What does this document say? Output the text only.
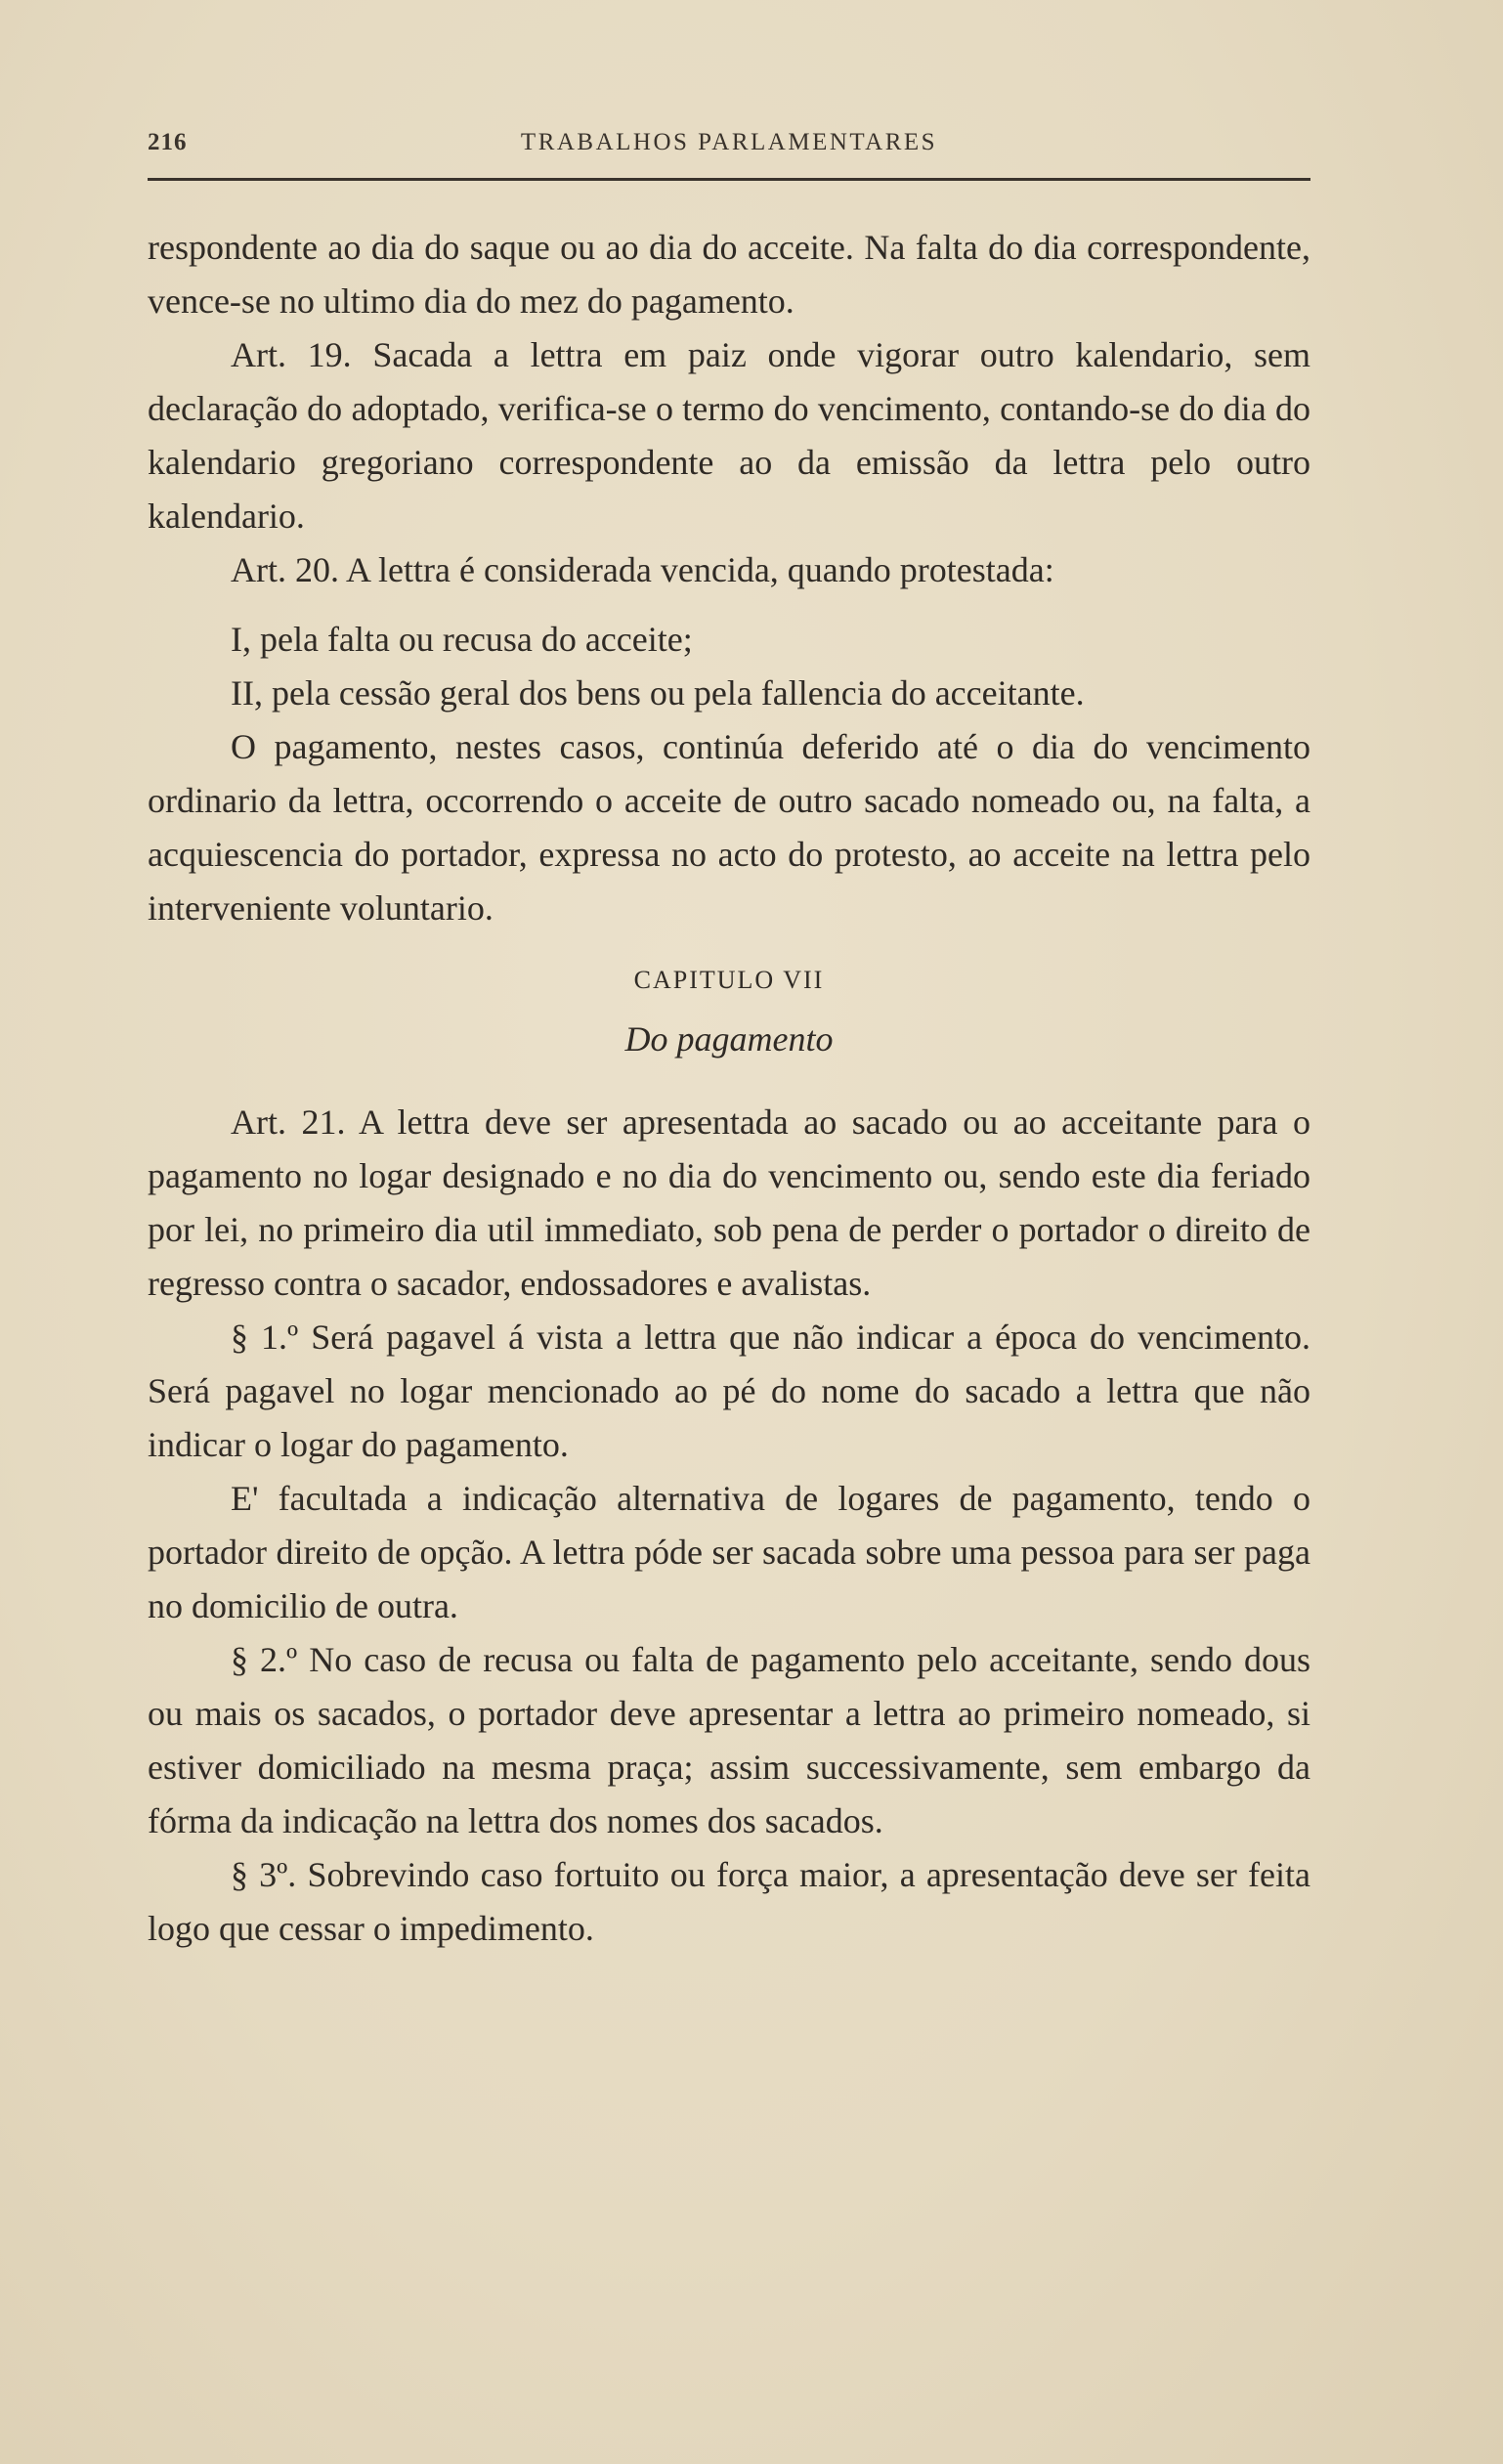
216	TRABALHOS PARLAMENTARES

respondente ao dia do saque ou ao dia do acceite. Na falta do dia correspondente, vence-se no ultimo dia do mez do pagamento.

Art. 19. Sacada a lettra em paiz onde vigorar outro kalendario, sem declaração do adoptado, verifica-se o termo do vencimento, contando-se do dia do kalendario gregoriano correspondente ao da emissão da lettra pelo outro kalendario.

Art. 20. A lettra é considerada vencida, quando protestada:

I, pela falta ou recusa do acceite;

II, pela cessão geral dos bens ou pela fallencia do acceitante.

O pagamento, nestes casos, continúa deferido até o dia do vencimento ordinario da lettra, occorrendo o acceite de outro sacado nomeado ou, na falta, a acquiescencia do portador, expressa no acto do protesto, ao acceite na lettra pelo interveniente voluntario.

CAPITULO VII
Do pagamento

Art. 21. A lettra deve ser apresentada ao sacado ou ao acceitante para o pagamento no logar designado e no dia do vencimento ou, sendo este dia feriado por lei, no primeiro dia util immediato, sob pena de perder o portador o direito de regresso contra o sacador, endossadores e avalistas.

§ 1.º Será pagavel á vista a lettra que não indicar a época do vencimento. Será pagavel no logar mencionado ao pé do nome do sacado a lettra que não indicar o logar do pagamento.

E' facultada a indicação alternativa de logares de pagamento, tendo o portador direito de opção. A lettra póde ser sacada sobre uma pessoa para ser paga no domicilio de outra.

§ 2.º No caso de recusa ou falta de pagamento pelo acceitante, sendo dous ou mais os sacados, o portador deve apresentar a lettra ao primeiro nomeado, si estiver domiciliado na mesma praça; assim successivamente, sem embargo da fórma da indicação na lettra dos nomes dos sacados.

§ 3º. Sobrevindo caso fortuito ou força maior, a apresentação deve ser feita logo que cessar o impedimento.
